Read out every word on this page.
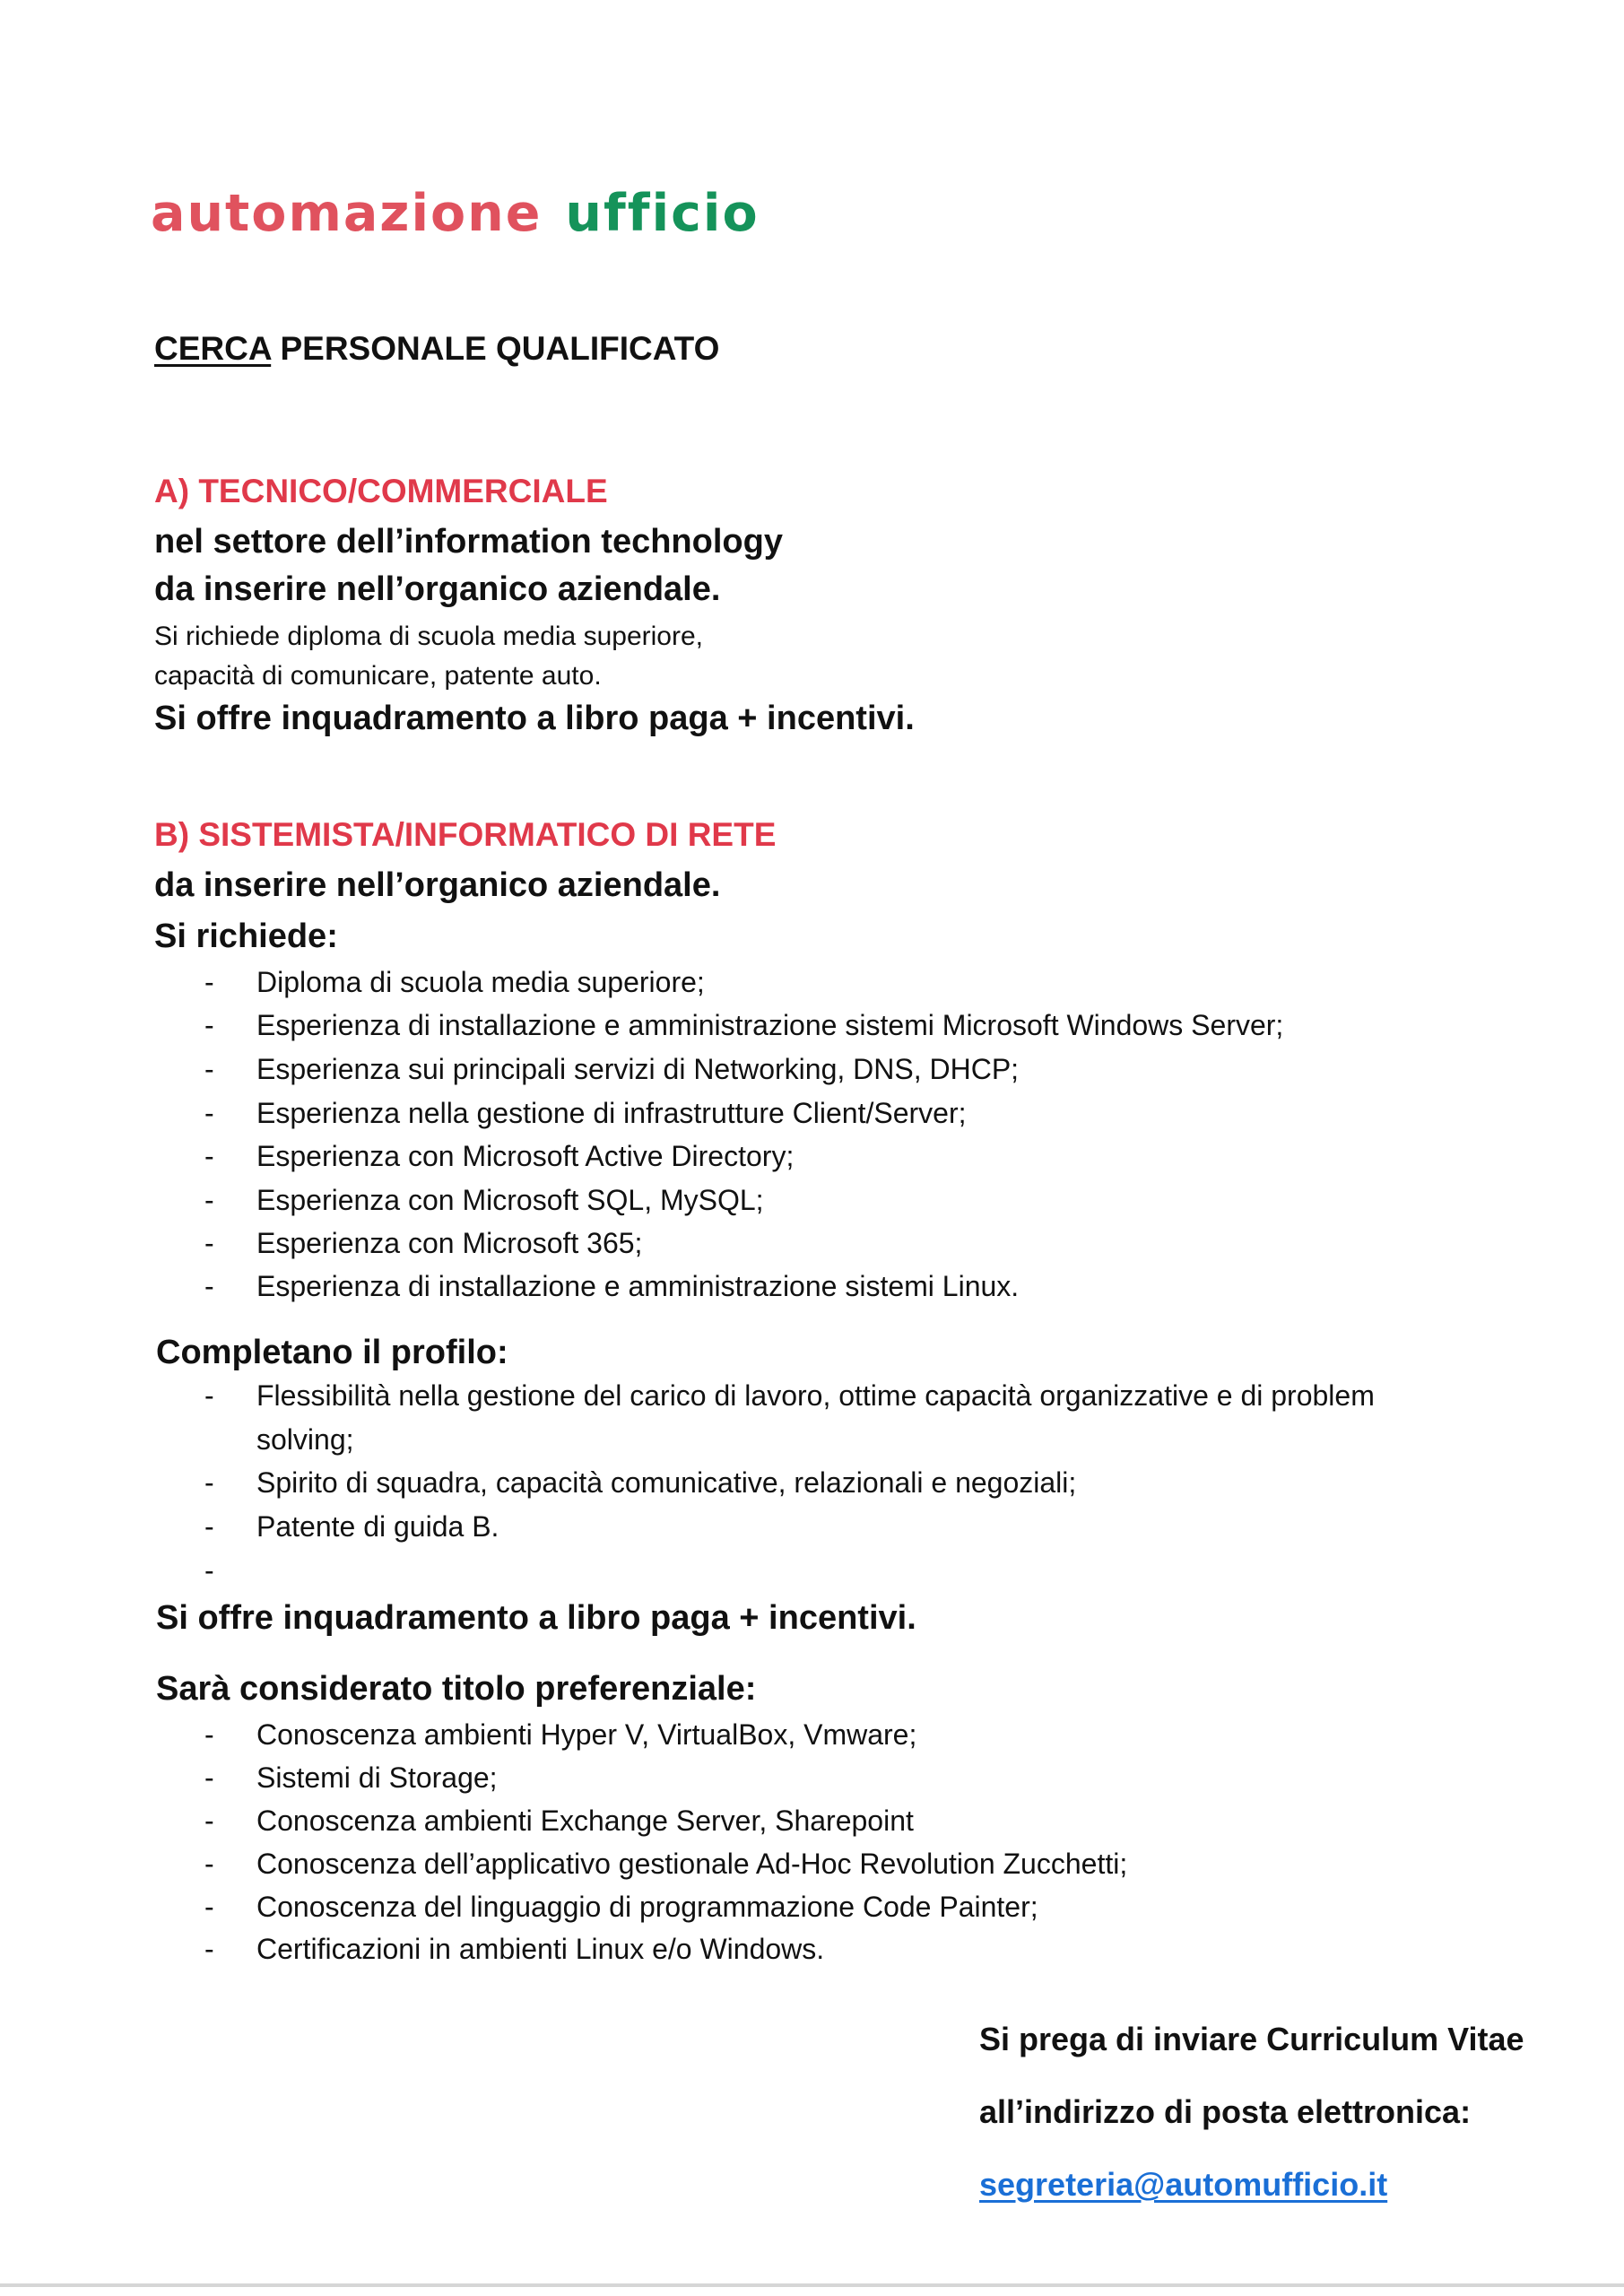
automazione ufficio
CERCA PERSONALE QUALIFICATO
A) TECNICO/COMMERCIALE
nel settore dell’information technology
da inserire nell’organico aziendale.
Si richiede diploma di scuola media superiore,
capacità di comunicare, patente auto.
Si offre inquadramento a libro paga + incentivi.
B) SISTEMISTA/INFORMATICO DI RETE
da inserire nell’organico aziendale.
Si richiede:
- Diploma di scuola media superiore;
- Esperienza di installazione e amministrazione sistemi Microsoft Windows Server;
- Esperienza sui principali servizi di Networking, DNS, DHCP;
- Esperienza nella gestione di infrastrutture Client/Server;
- Esperienza con Microsoft Active Directory;
- Esperienza con Microsoft SQL, MySQL;
- Esperienza con Microsoft 365;
- Esperienza di installazione e amministrazione sistemi Linux.
Completano il profilo:
- Flessibilità nella gestione del carico di lavoro, ottime capacità organizzative e di problem
solving;
- Spirito di squadra, capacità comunicative, relazionali e negoziali;
- Patente di guida B.
-
Si offre inquadramento a libro paga + incentivi.
Sarà considerato titolo preferenziale:
- Conoscenza ambienti Hyper V, VirtualBox, Vmware;
- Sistemi di Storage;
- Conoscenza ambienti Exchange Server, Sharepoint
- Conoscenza dell’applicativo gestionale Ad-Hoc Revolution Zucchetti;
- Conoscenza del linguaggio di programmazione Code Painter;
- Certificazioni in ambienti Linux e/o Windows.
Si prega di inviare Curriculum Vitae
all’indirizzo di posta elettronica:
segreteria@automufficio.it
